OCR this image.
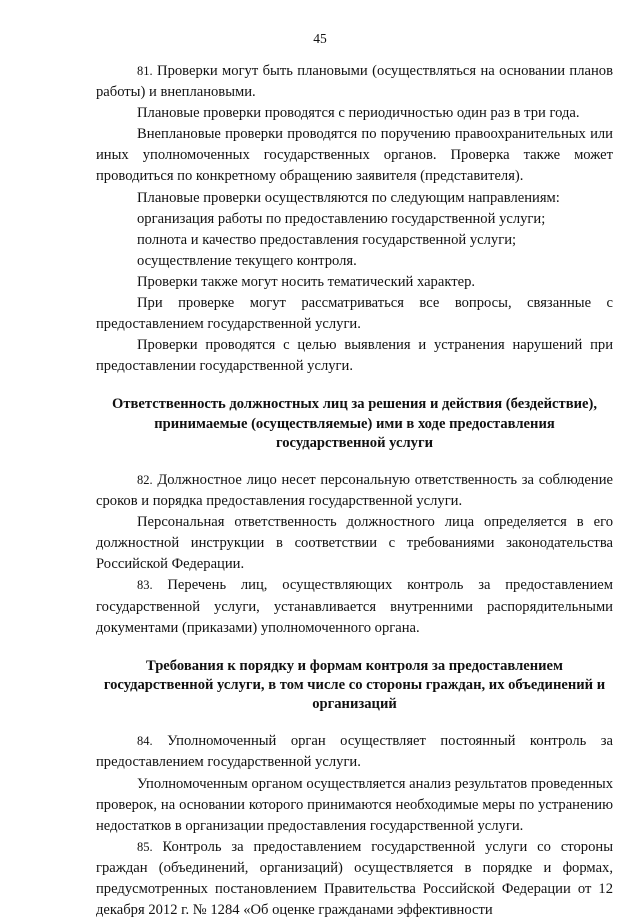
45

81. Проверки могут быть плановыми (осуществляться на основании планов работы) и внеплановыми.

Плановые проверки проводятся с периодичностью один раз в три года.

Внеплановые проверки проводятся по поручению правоохранительных или иных уполномоченных государственных органов. Проверка также может проводиться по конкретному обращению заявителя (представителя).

Плановые проверки осуществляются по следующим направлениям:

организация работы по предоставлению государственной услуги;

полнота и качество предоставления государственной услуги;

осуществление текущего контроля.

Проверки также могут носить тематический характер.

При проверке могут рассматриваться все вопросы, связанные с предоставлением государственной услуги.

Проверки проводятся с целью выявления и устранения нарушений при предоставлении государственной услуги.

Ответственность должностных лиц за решения и действия (бездействие), принимаемые (осуществляемые) ими в ходе предоставления государственной услуги

82. Должностное лицо несет персональную ответственность за соблюдение сроков и порядка предоставления государственной услуги.

Персональная ответственность должностного лица определяется в его должностной инструкции в соответствии с требованиями законодательства Российской Федерации.

83. Перечень лиц, осуществляющих контроль за предоставлением государственной услуги, устанавливается внутренними распорядительными документами (приказами) уполномоченного органа.

Требования к порядку и формам контроля за предоставлением государственной услуги, в том числе со стороны граждан, их объединений и организаций

84. Уполномоченный орган осуществляет постоянный контроль за предоставлением государственной услуги.

Уполномоченным органом осуществляется анализ результатов проведенных проверок, на основании которого принимаются необходимые меры по устранению недостатков в организации предоставления государственной услуги.

85. Контроль за предоставлением государственной услуги со стороны граждан (объединений, организаций) осуществляется в порядке и формах, предусмотренных постановлением Правительства Российской Федерации от 12 декабря 2012 г. № 1284 «Об оценке гражданами эффективности
